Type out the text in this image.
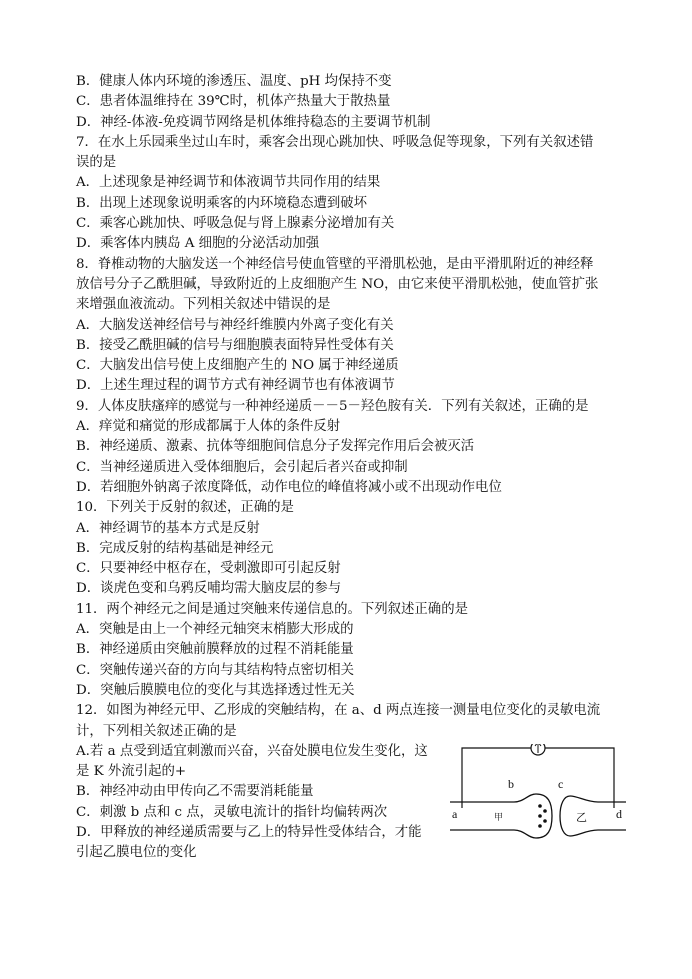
B．健康人体内环境的渗透压、温度、pH 均保持不变
C．患者体温维持在 39℃时，机体产热量大于散热量
D．神经-体液-免疫调节网络是机体维持稳态的主要调节机制
7．在水上乐园乘坐过山车时，乘客会出现心跳加快、呼吸急促等现象，下列有关叙述错
误的是
A．上述现象是神经调节和体液调节共同作用的结果
B．出现上述现象说明乘客的内环境稳态遭到破坏
C．乘客心跳加快、呼吸急促与肾上腺素分泌增加有关
D．乘客体内胰岛 A 细胞的分泌活动加强
8．脊椎动物的大脑发送一个神经信号使血管壁的平滑肌松弛，是由平滑肌附近的神经释
放信号分子乙酰胆碱，导致附近的上皮细胞产生 NO，由它来使平滑肌松弛，使血管扩张
来增强血液流动。下列相关叙述中错误的是
A．大脑发送神经信号与神经纤维膜内外离子变化有关
B．接受乙酰胆碱的信号与细胞膜表面特异性受体有关
C．大脑发出信号使上皮细胞产生的 NO 属于神经递质
D．上述生理过程的调节方式有神经调节也有体液调节
9．人体皮肤瘙痒的感觉与一种神经递质－－5－羟色胺有关．下列有关叙述，正确的是
A．痒觉和痛觉的形成都属于人体的条件反射
B．神经递质、激素、抗体等细胞间信息分子发挥完作用后会被灭活
C．当神经递质进入受体细胞后，会引起后者兴奋或抑制
D．若细胞外钠离子浓度降低，动作电位的峰值将减小或不出现动作电位
10．下列关于反射的叙述，正确的是
A．神经调节的基本方式是反射
B．完成反射的结构基础是神经元
C．只要神经中枢存在，受刺激即可引起反射
D．谈虎色变和乌鸦反哺均需大脑皮层的参与
11．两个神经元之间是通过突触来传递信息的。下列叙述正确的是
A．突触是由上一个神经元轴突末梢膨大形成的
B．神经递质由突触前膜释放的过程不消耗能量
C．突触传递兴奋的方向与其结构特点密切相关
D．突触后膜膜电位的变化与其选择透过性无关
12．如图为神经元甲、乙形成的突触结构，在 a、d 两点连接一测量电位变化的灵敏电流
计，下列相关叙述正确的是
A.若 a 点受到适宜刺激而兴奋，兴奋处膜电位发生变化，这
是 K 外流引起的+
B．神经冲动由甲传向乙不需要消耗能量
C．刺激 b 点和 c 点，灵敏电流计的指针均偏转两次
D．甲释放的神经递质需要与乙上的特异性受体结合，才能
引起乙膜电位的变化
a
b	c
d
甲	乙
